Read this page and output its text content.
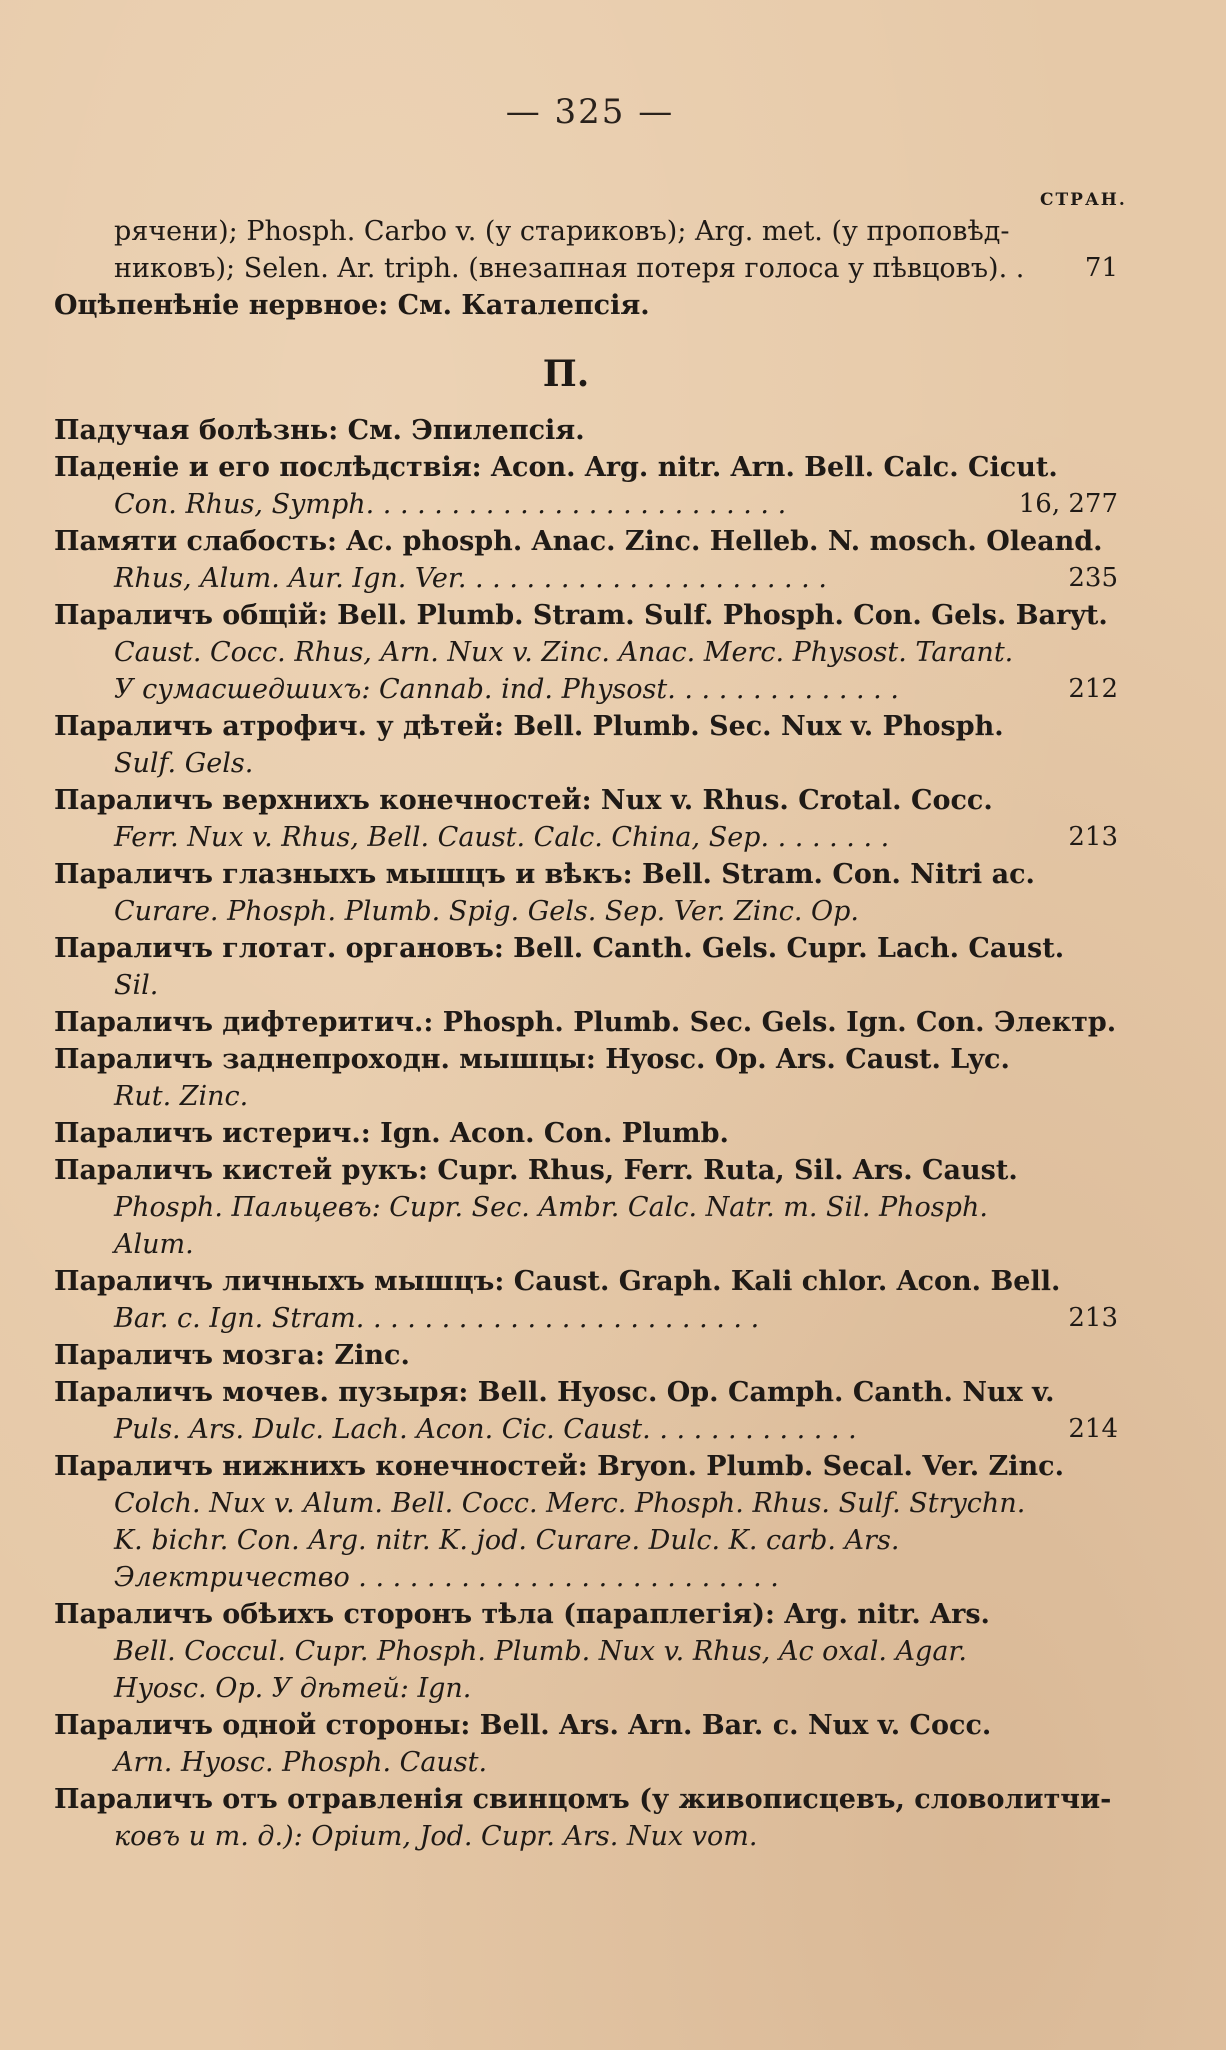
— 325 —
СТРАН.
рячени); Phosph. Carbo v. (у стариковъ); Arg. met. (у проповѣд-
никовъ); Selen. Ar. triph. (внезапная потеря голоса у пѣвцовъ). . 71
Оцѣпенѣніе нервное: См. Каталепсія.
П.
Падучая болѣзнь: См. Эпилепсія.
Паденіе и его послѣдствія: Acon. Arg. nitr. Arn. Bell. Calc. Cicut.
Con. Rhus, Symph. . . . . . . . . . . . . . . . . . . . . . . . .	16, 277
Памяти слабость: Ac. phosph. Anac. Zinc. Helleb. N. mosch. Oleand.
Rhus, Alum. Aur. Ign. Ver. . . . . . . . . . . . . . . . . . . . . .	235
Параличъ общій: Bell. Plumb. Stram. Sulf. Phosph. Con. Gels. Baryt.
Caust. Cocc. Rhus, Arn. Nux v. Zinc. Anac. Merc. Physost. Tarant.
У сумасшедшихъ: Cannab. ind. Physost. . . . . . . . . . . . . .	212
Параличъ атрофич. у дѣтей: Bell. Plumb. Sec. Nux v. Phosph.
Sulf. Gels.
Параличъ верхнихъ конечностей: Nux v. Rhus. Crotal. Cocc.
Ferr. Nux v. Rhus, Bell. Caust. Calc. China, Sep. . . . . . . .	213
Параличъ глазныхъ мышцъ и вѣкъ: Bell. Stram. Con. Nitri ac.
Curare. Phosph. Plumb. Spig. Gels. Sep. Ver. Zinc. Op.
Параличъ глотат. органовъ: Bell. Canth. Gels. Cupr. Lach. Caust.
Sil.
Параличъ дифтеритич.: Phosph. Plumb. Sec. Gels. Ign. Con. Электр.
Параличъ заднепроходн. мышцы: Hyosc. Op. Ars. Caust. Lyc.
Rut. Zinc.
Параличъ истерич.: Ign. Acon. Con. Plumb.
Параличъ кистей рукъ: Cupr. Rhus, Ferr. Ruta, Sil. Ars. Caust.
Phosph. Пальцевъ: Cupr. Sec. Ambr. Calc. Natr. m. Sil. Phosph.
Alum.
Параличъ личныхъ мышцъ: Caust. Graph. Kali chlor. Acon. Bell.
Bar. c. Ign. Stram. . . . . . . . . . . . . . . . . . . . . . . .	213
Параличъ мозга: Zinc.
Параличъ мочев. пузыря: Bell. Hyosc. Op. Camph. Canth. Nux v.
Puls. Ars. Dulc. Lach. Acon. Cic. Caust. . . . . . . . . . . . .	214
Параличъ нижнихъ конечностей: Bryon. Plumb. Secal. Ver. Zinc.
Colch. Nux v. Alum. Bell. Cocc. Merc. Phosph. Rhus. Sulf. Strychn.
K. bichr. Con. Arg. nitr. K. jod. Curare. Dulc. K. carb. Ars.
Электричество . . . . . . . . . . . . . . . . . . . . . . . . .
Параличъ обѣихъ сторонъ тѣла (параплегія): Arg. nitr. Ars.
Bell. Coccul. Cupr. Phosph. Plumb. Nux v. Rhus, Ac oxal. Agar.
Hyosc. Op. У дѣтей: Ign.
Параличъ одной стороны: Bell. Ars. Arn. Bar. c. Nux v. Cocc.
Arn. Hyosc. Phosph. Caust.
Параличъ отъ отравленія свинцомъ (у живописцевъ, словолитчи-
ковъ и т. д.): Opium, Jod. Cupr. Ars. Nux vom.
